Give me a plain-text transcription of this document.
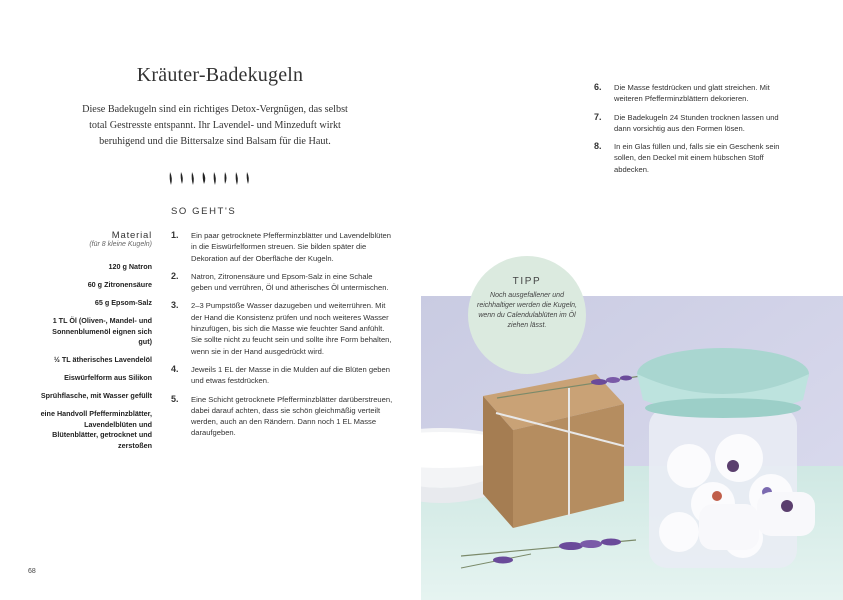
Kräuter-Badekugeln
Diese Badekugeln sind ein richtiges Detox-Vergnügen, das selbst
total Gestresste entspannt. Ihr Lavendel- und Minzeduft wirkt
beruhigend und die Bittersalze sind Balsam für die Haut.
SO GEHT'S
Material
(für 8 kleine Kugeln)
120 g Natron
60 g Zitronensäure
65 g Epsom-Salz
1 TL Öl (Oliven-, Mandel- und Sonnenblumenöl eignen sich gut)
½ TL ätherisches Lavendelöl
Eiswürfelform aus Silikon
Sprühflasche, mit Wasser gefüllt
eine Handvoll Pfefferminzblätter, Lavendelblüten und Blütenblätter, getrocknet und zerstoßen
1. Ein paar getrocknete Pfefferminzblätter und Lavendelblüten in die Eiswürfelformen streuen. Sie bilden später die Dekoration auf der Oberfläche der Kugeln.
2. Natron, Zitronensäure und Epsom-Salz in eine Schale geben und verrühren, Öl und ätherisches Öl untermischen.
3. 2–3 Pumpstöße Wasser dazugeben und weiterrühren. Mit der Hand die Konsistenz prüfen und noch weiteres Wasser hinzufügen, bis sich die Masse wie feuchter Sand anfühlt. Sie sollte nicht zu feucht sein und sollte ihre Form behalten, wenn sie in der Hand ausgedrückt wird.
4. Jeweils 1 EL der Masse in die Mulden auf die Blüten geben und etwas festdrücken.
5. Eine Schicht getrocknete Pfefferminzblätter darüberstreuen, dabei darauf achten, dass sie schön gleichmäßig verteilt werden, auch an den Rändern. Dann noch 1 EL Masse daraufgeben.
6. Die Masse festdrücken und glatt streichen. Mit weiteren Pfefferminzblättern dekorieren.
7. Die Badekugeln 24 Stunden trocknen lassen und dann vorsichtig aus den Formen lösen.
8. In ein Glas füllen und, falls sie ein Geschenk sein sollen, den Deckel mit einem hübschen Stoff abdecken.
TIPP
Noch ausgefallener und reichhaltiger werden die Kugeln, wenn du Calendulablüten im Öl ziehen lässt.
68
